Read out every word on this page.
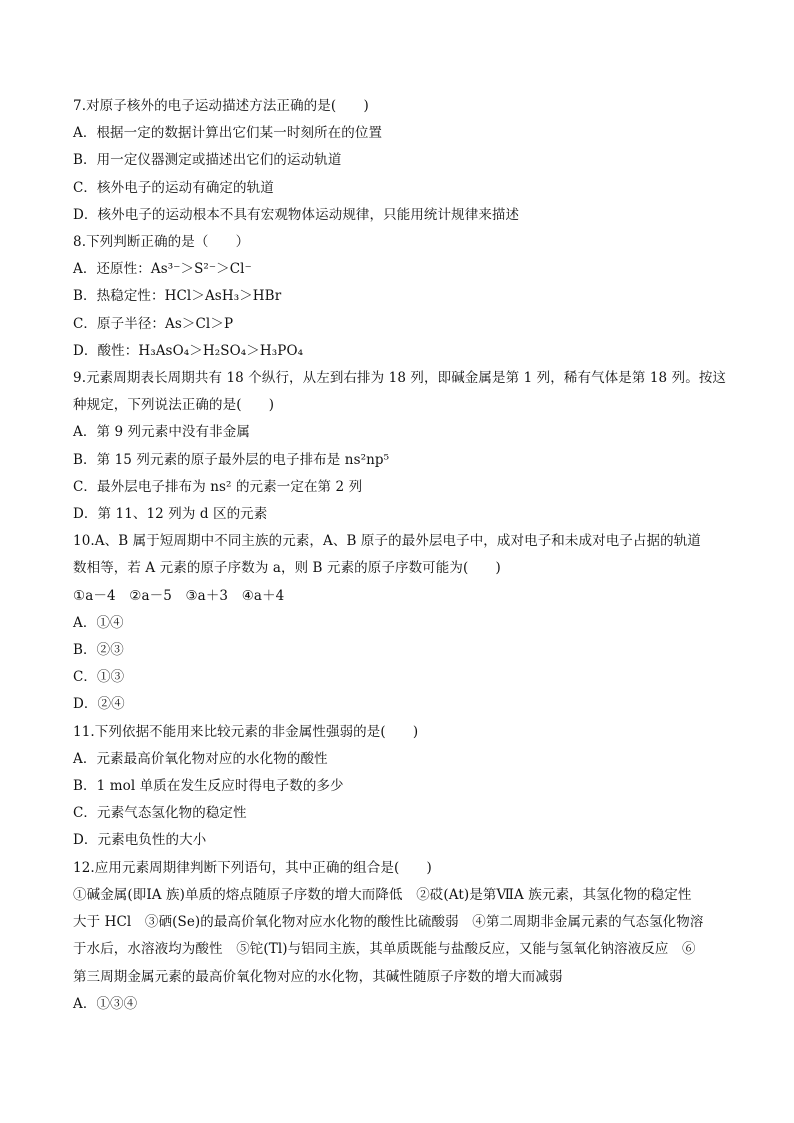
7.对原子核外的电子运动描述方法正确的是(　　)
A．根据一定的数据计算出它们某一时刻所在的位置
B．用一定仪器测定或描述出它们的运动轨道
C．核外电子的运动有确定的轨道
D．核外电子的运动根本不具有宏观物体运动规律，只能用统计规律来描述
8.下列判断正确的是（　　）
A．还原性：As³⁻＞S²⁻＞Cl⁻
B．热稳定性：HCl＞AsH₃＞HBr
C．原子半径：As＞Cl＞P
D．酸性：H₃AsO₄＞H₂SO₄＞H₃PO₄
9.元素周期表长周期共有 18 个纵行，从左到右排为 18 列，即碱金属是第 1 列，稀有气体是第 18 列。按这
种规定，下列说法正确的是(　　)
A．第 9 列元素中没有非金属
B．第 15 列元素的原子最外层的电子排布是 ns²np⁵
C．最外层电子排布为 ns² 的元素一定在第 2 列
D．第 11、12 列为 d 区的元素
10.A、B 属于短周期中不同主族的元素，A、B 原子的最外层电子中，成对电子和未成对电子占据的轨道
数相等，若 A 元素的原子序数为 a，则 B 元素的原子序数可能为(　　)
①a－4　②a－5　③a＋3　④a＋4
A．①④
B．②③
C．①③
D．②④
11.下列依据不能用来比较元素的非金属性强弱的是(　　)
A．元素最高价氧化物对应的水化物的酸性
B．1 mol 单质在发生反应时得电子数的多少
C．元素气态氢化物的稳定性
D．元素电负性的大小
12.应用元素周期律判断下列语句，其中正确的组合是(　　)
①碱金属(即ⅠA 族)单质的熔点随原子序数的增大而降低　②砹(At)是第ⅦA 族元素，其氢化物的稳定性
大于 HCl　③硒(Se)的最高价氧化物对应水化物的酸性比硫酸弱　④第二周期非金属元素的气态氢化物溶
于水后，水溶液均为酸性　⑤铊(Tl)与铝同主族，其单质既能与盐酸反应，又能与氢氧化钠溶液反应　⑥
第三周期金属元素的最高价氧化物对应的水化物，其碱性随原子序数的增大而减弱
A．①③④
